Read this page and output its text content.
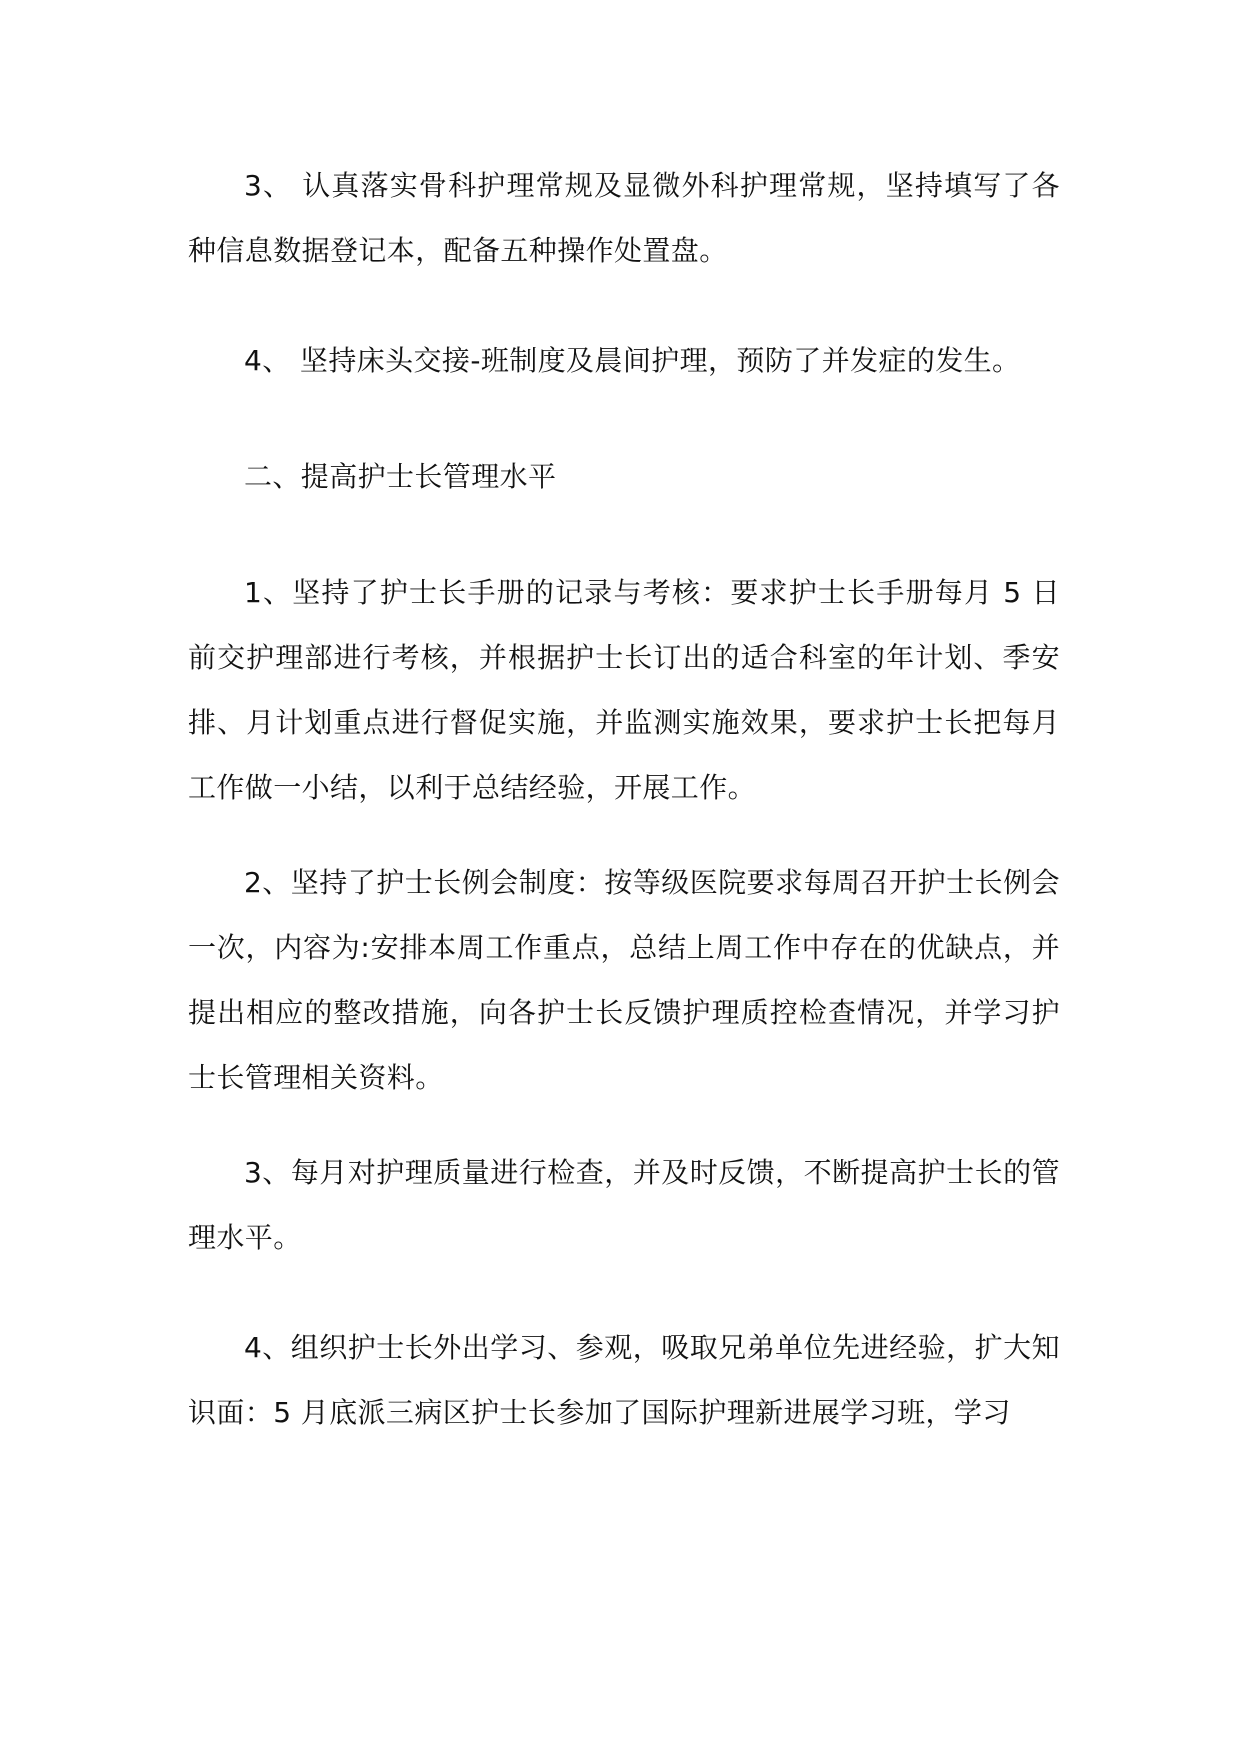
3、 认真落实骨科护理常规及显微外科护理常规，坚持填写了各种信息数据登记本，配备五种操作处置盘。

4、 坚持床头交接-班制度及晨间护理，预防了并发症的发生。

二、提高护士长管理水平

1、坚持了护士长手册的记录与考核：要求护士长手册每月 5 日前交护理部进行考核，并根据护士长订出的适合科室的年计划、季安排、月计划重点进行督促实施，并监测实施效果，要求护士长把每月工作做一小结，以利于总结经验，开展工作。

2、坚持了护士长例会制度：按等级医院要求每周召开护士长例会一次，内容为:安排本周工作重点，总结上周工作中存在的优缺点，并提出相应的整改措施，向各护士长反馈护理质控检查情况，并学习护士长管理相关资料。

3、每月对护理质量进行检查，并及时反馈，不断提高护士长的管理水平。

4、组织护士长外出学习、参观，吸取兄弟单位先进经验，扩大知识面：5 月底派三病区护士长参加了国际护理新进展学习班，学习
